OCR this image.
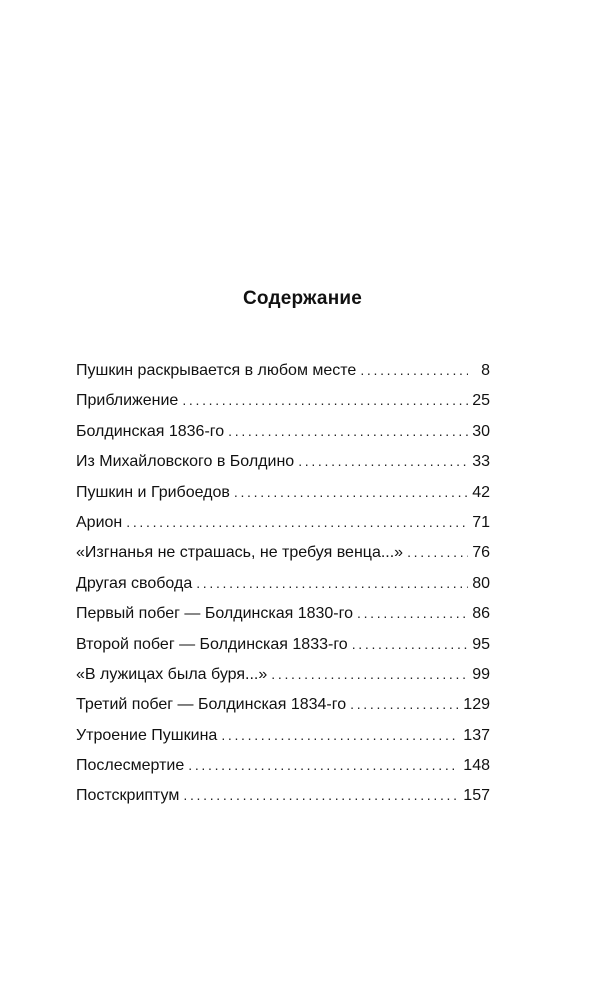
Содержание
Пушкин раскрывается в любом месте . . .	8
Приближение . . .	25
Болдинская 1836-го . . .	30
Из Михайловского в Болдино . . .	33
Пушкин и Грибоедов . . .	42
Арион . . .	71
«Изгнанья не страшась, не требуя венца...» . . .	76
Другая свобода . . .	80
Первый побег — Болдинская 1830-го . . .	86
Второй побег — Болдинская 1833-го . . .	95
«В лужицах была буря...» . . .	99
Третий побег — Болдинская 1834-го . . .	129
Утроение Пушкина . . .	137
Послесмертие . . .	148
Постскриптум . . .	157
